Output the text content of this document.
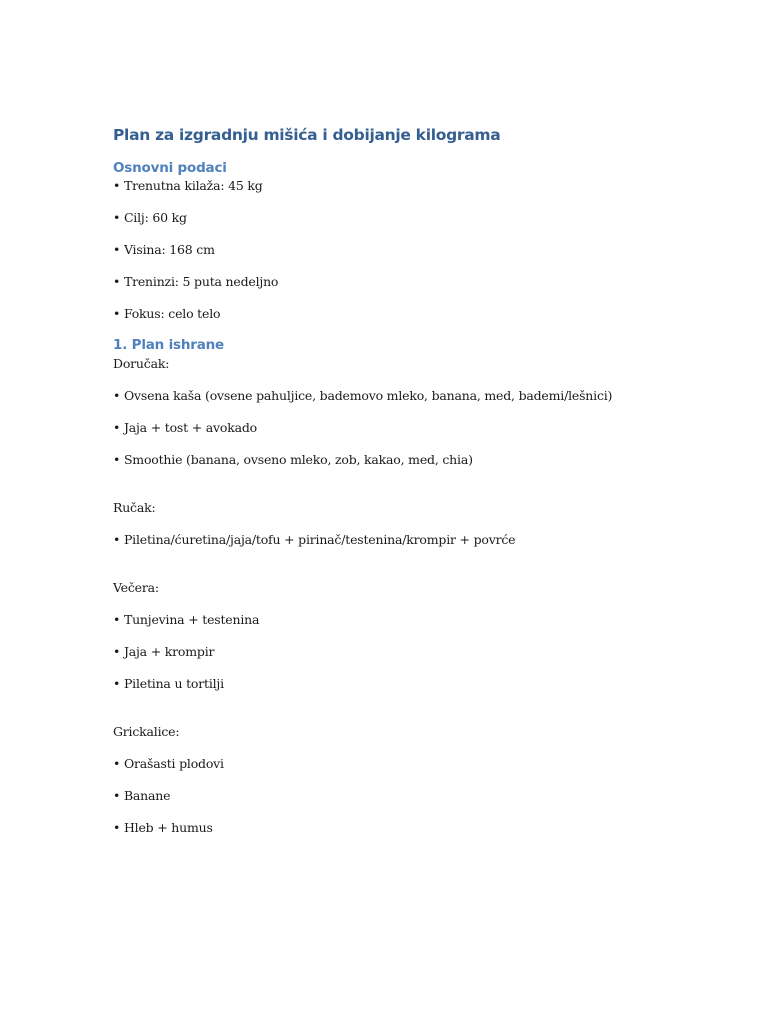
Plan za izgradnju mišića i dobijanje kilograma
Osnovni podaci

• Trenutna kilaža: 45 kg

• Cilj: 60 kg

• Visina: 168 cm

• Treninzi: 5 puta nedeljno

• Fokus: celo telo

1. Plan ishrane

Doručak:

• Ovsena kaša (ovsene pahuljice, bademovo mleko, banana, med, bademi/lešnici)

• Jaja + tost + avokado

• Smoothie (banana, ovseno mleko, zob, kakao, med, chia)

Ručak:

• Piletina/ćuretina/jaja/tofu + pirinač/testenina/krompir + povrće

Večera:

• Tunjevina + testenina

• Jaja + krompir

• Piletina u tortilji

Grickalice:

• Orašasti plodovi

• Banane

• Hleb + humus
